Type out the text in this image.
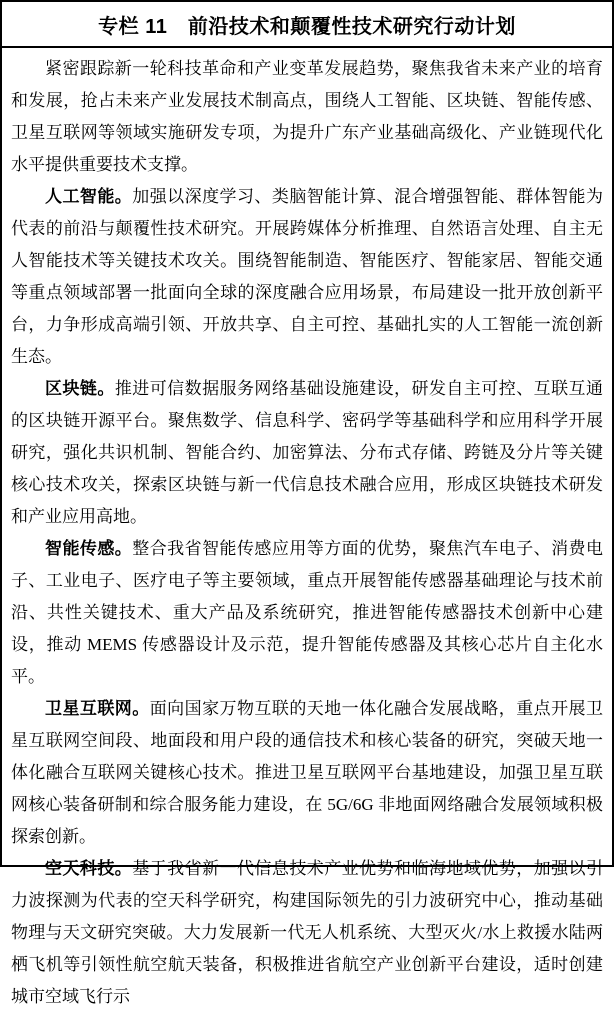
专栏 11　前沿技术和颠覆性技术研究行动计划

紧密跟踪新一轮科技革命和产业变革发展趋势，聚焦我省未来产业的培育和发展，抢占未来产业发展技术制高点，围绕人工智能、区块链、智能传感、卫星互联网等领域实施研发专项，为提升广东产业基础高级化、产业链现代化水平提供重要技术支撑。

人工智能。加强以深度学习、类脑智能计算、混合增强智能、群体智能为代表的前沿与颠覆性技术研究。开展跨媒体分析推理、自然语言处理、自主无人智能技术等关键技术攻关。围绕智能制造、智能医疗、智能家居、智能交通等重点领域部署一批面向全球的深度融合应用场景，布局建设一批开放创新平台，力争形成高端引领、开放共享、自主可控、基础扎实的人工智能一流创新生态。

区块链。推进可信数据服务网络基础设施建设，研发自主可控、互联互通的区块链开源平台。聚焦数学、信息科学、密码学等基础科学和应用科学开展研究，强化共识机制、智能合约、加密算法、分布式存储、跨链及分片等关键核心技术攻关，探索区块链与新一代信息技术融合应用，形成区块链技术研发和产业应用高地。

智能传感。整合我省智能传感应用等方面的优势，聚焦汽车电子、消费电子、工业电子、医疗电子等主要领域，重点开展智能传感器基础理论与技术前沿、共性关键技术、重大产品及系统研究，推进智能传感器技术创新中心建设，推动 MEMS 传感器设计及示范，提升智能传感器及其核心芯片自主化水平。

卫星互联网。面向国家万物互联的天地一体化融合发展战略，重点开展卫星互联网空间段、地面段和用户段的通信技术和核心装备的研究，突破天地一体化融合互联网关键核心技术。推进卫星互联网平台基地建设，加强卫星互联网核心装备研制和综合服务能力建设，在 5G/6G 非地面网络融合发展领域积极探索创新。

空天科技。基于我省新一代信息技术产业优势和临海地域优势，加强以引力波探测为代表的空天科学研究，构建国际领先的引力波研究中心，推动基础物理与天文研究突破。大力发展新一代无人机系统、大型灭火/水上救援水陆两栖飞机等引领性航空航天装备，积极推进省航空产业创新平台建设，适时创建城市空域飞行示
